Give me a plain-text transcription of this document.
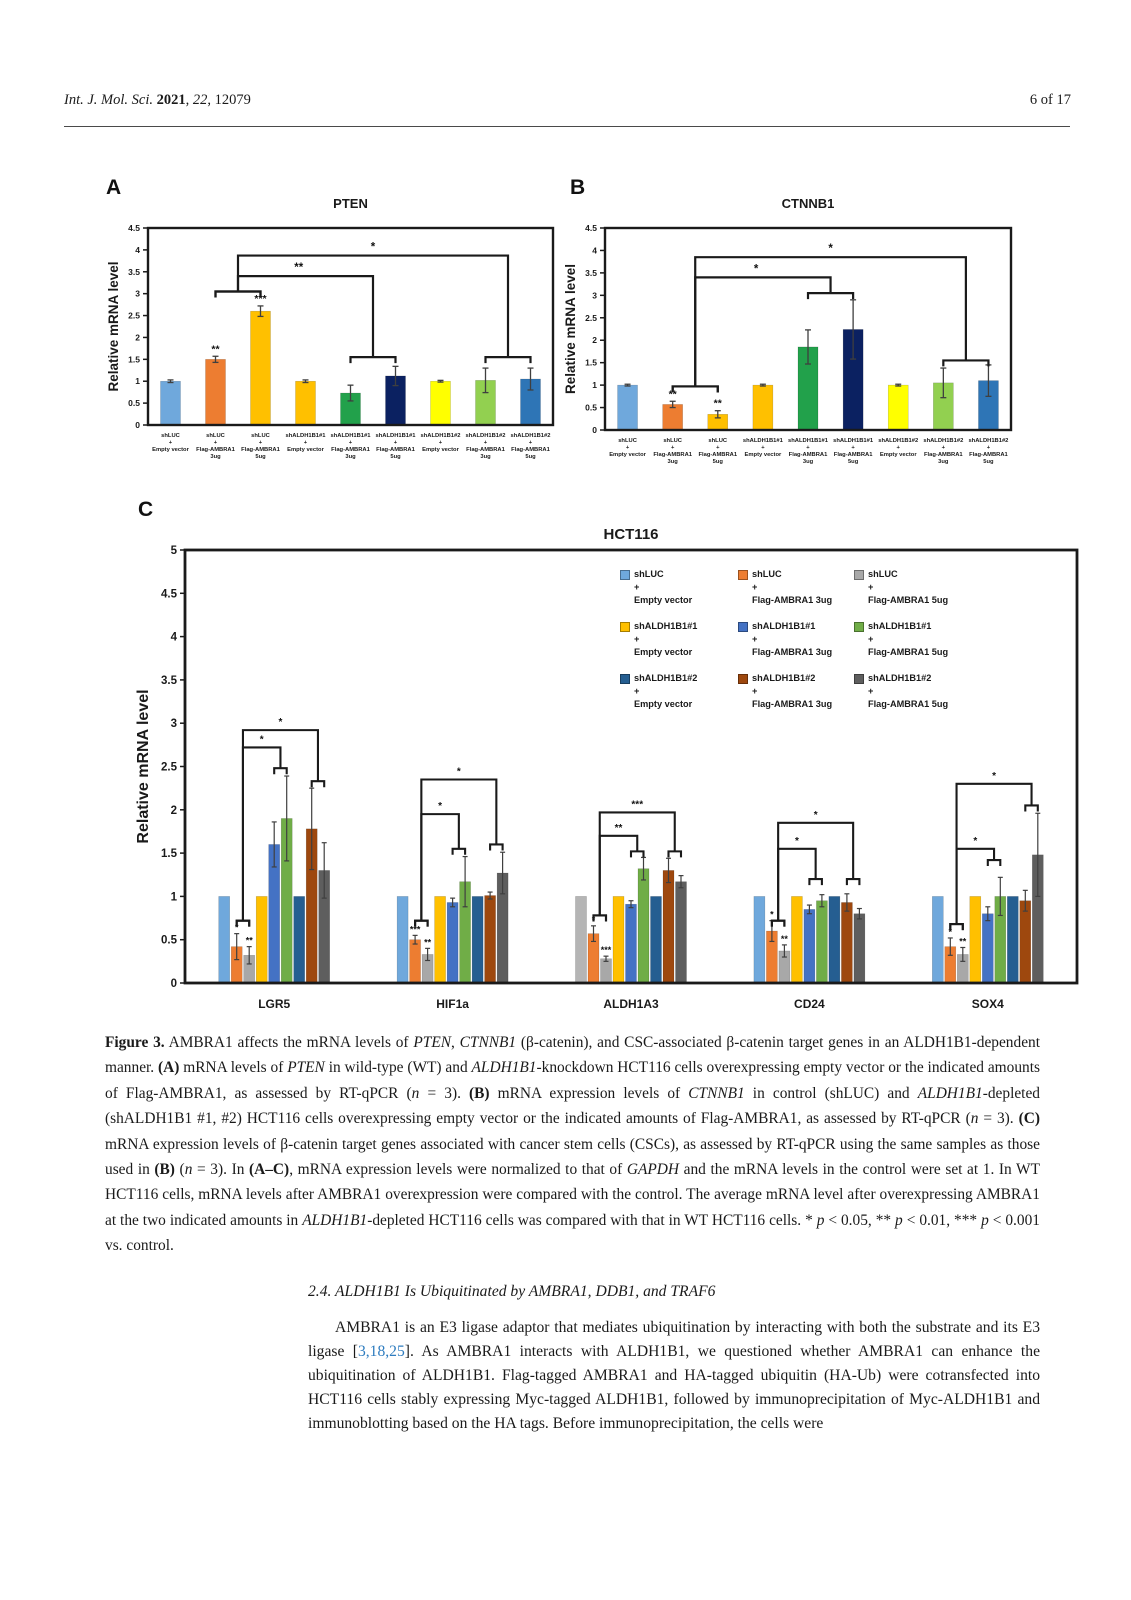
Int. J. Mol. Sci. 2021, 22, 12079	6 of 17
A	B
C
PTEN
Relative mRNA level
0
0.5
1
1.5
2
2.5
3
3.5
4
4.5
shLUC + Empty vector
**
shLUC + Flag-AMBRA1 3ug
***
shLUC + Flag-AMBRA1 5ug
shALDH1B1#1 + Empty vector
shALDH1B1#1 + Flag-AMBRA1 3ug
shALDH1B1#1 + Flag-AMBRA1 5ug
shALDH1B1#2 + Empty vector
shALDH1B1#2 + Flag-AMBRA1 3ug
shALDH1B1#2 + Flag-AMBRA1 5ug
**
*
CTNNB1
Relative mRNA level
0
0.5
1
1.5
2
2.5
3
3.5
4
4.5
shLUC + Empty vector
**
shLUC + Flag-AMBRA1 3ug
**
shLUC + Flag-AMBRA1 5ug
shALDH1B1#1 + Empty vector
shALDH1B1#1 + Flag-AMBRA1 3ug
shALDH1B1#1 + Flag-AMBRA1 5ug
shALDH1B1#2 + Empty vector
shALDH1B1#2 + Flag-AMBRA1 3ug
shALDH1B1#2 + Flag-AMBRA1 5ug
*
*
HCT116
Relative mRNA level
0
0.5
1
1.5
2
2.5
3
3.5
4
4.5
5
*
**
LGR5
***
**
HIF1a
*
***
ALDH1A3
*
**
CD24
*
**
SOX4
*
*
*
*
**
***
*
*
*
*
shLUC
+
Empty vector
shLUC
+
Flag-AMBRA1 3ug
shLUC
+
Flag-AMBRA1 5ug
shALDH1B1#1
+
Empty vector
shALDH1B1#1
+
Flag-AMBRA1 3ug
shALDH1B1#1
+
Flag-AMBRA1 5ug
shALDH1B1#2
+
Empty vector
shALDH1B1#2
+
Flag-AMBRA1 3ug
shALDH1B1#2
+
Flag-AMBRA1 5ug
Figure 3. AMBRA1 affects the mRNA levels of PTEN, CTNNB1 (β-catenin), and CSC-associated β-catenin target genes in an ALDH1B1-dependent manner. (A) mRNA levels of PTEN in wild-type (WT) and ALDH1B1-knockdown HCT116 cells overexpressing empty vector or the indicated amounts of Flag-AMBRA1, as assessed by RT-qPCR (n = 3). (B) mRNA expression levels of CTNNB1 in control (shLUC) and ALDH1B1-depleted (shALDH1B1 #1, #2) HCT116 cells overexpressing empty vector or the indicated amounts of Flag-AMBRA1, as assessed by RT-qPCR (n = 3). (C) mRNA expression levels of β-catenin target genes associated with cancer stem cells (CSCs), as assessed by RT-qPCR using the same samples as those used in (B) (n = 3). In (A–C), mRNA expression levels were normalized to that of GAPDH and the mRNA levels in the control were set at 1. In WT HCT116 cells, mRNA levels after AMBRA1 overexpression were compared with the control. The average mRNA level after overexpressing AMBRA1 at the two indicated amounts in ALDH1B1-depleted HCT116 cells was compared with that in WT HCT116 cells. * p < 0.05, ** p < 0.01, *** p < 0.001 vs. control.
2.4. ALDH1B1 Is Ubiquitinated by AMBRA1, DDB1, and TRAF6
AMBRA1 is an E3 ligase adaptor that mediates ubiquitination by interacting with both the substrate and its E3 ligase [3,18,25]. As AMBRA1 interacts with ALDH1B1, we questioned whether AMBRA1 can enhance the ubiquitination of ALDH1B1. Flag-tagged AMBRA1 and HA-tagged ubiquitin (HA-Ub) were cotransfected into HCT116 cells stably expressing Myc-tagged ALDH1B1, followed by immunoprecipitation of Myc-ALDH1B1 and immunoblotting based on the HA tags. Before immunoprecipitation, the cells were
